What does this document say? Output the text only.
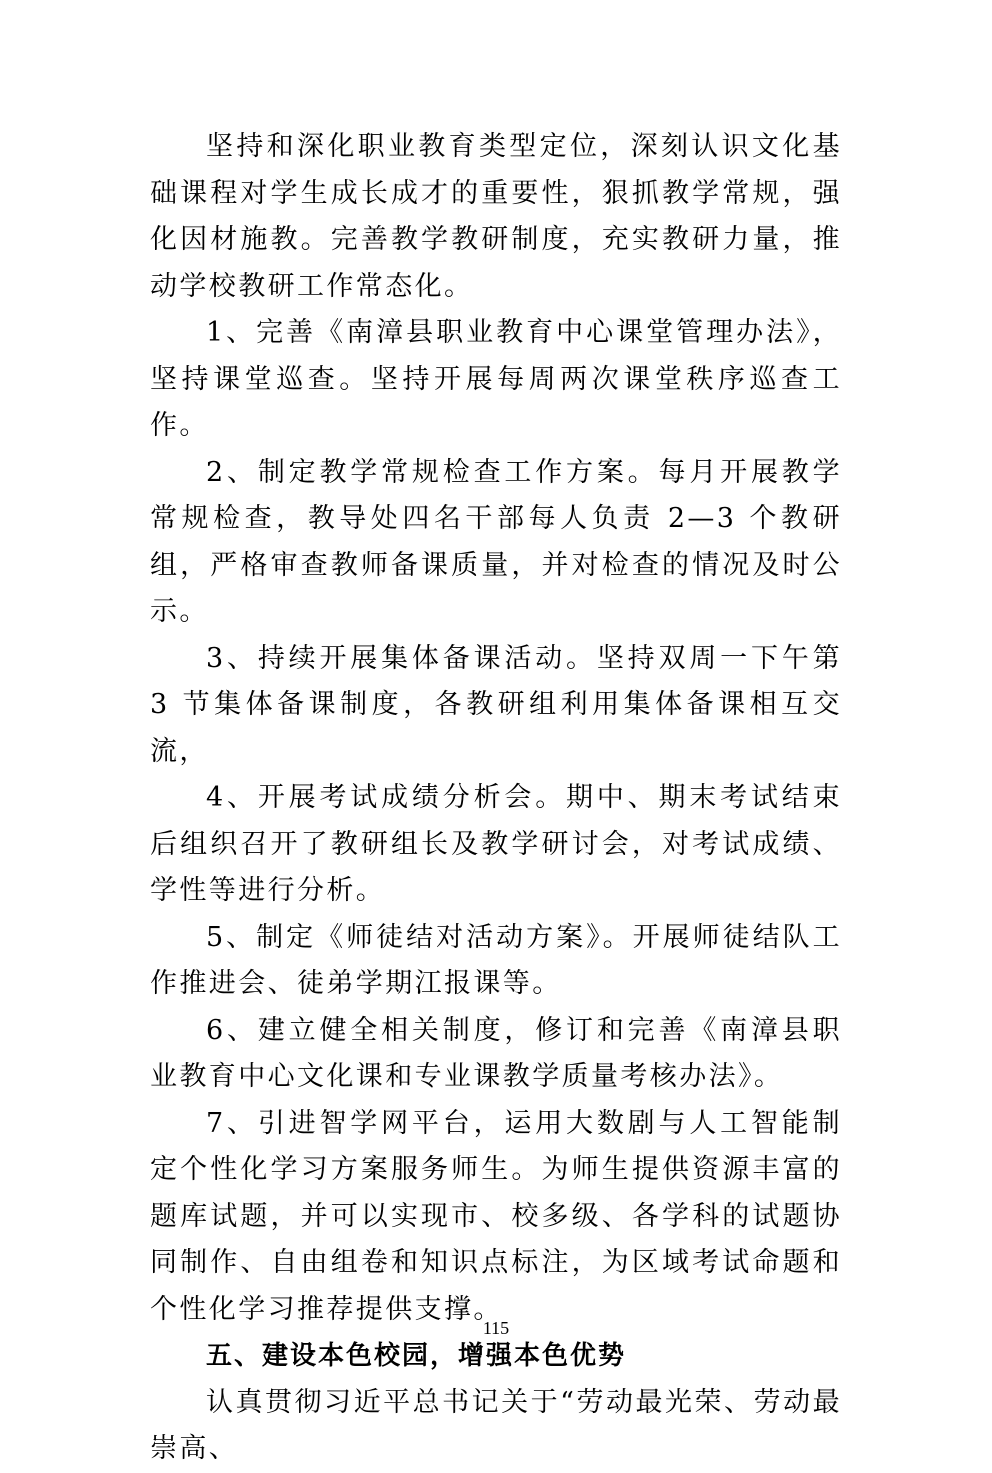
坚持和深化职业教育类型定位，深刻认识文化基础课程对学生成长成才的重要性，狠抓教学常规，强化因材施教。完善教学教研制度，充实教研力量，推动学校教研工作常态化。

1、完善《南漳县职业教育中心课堂管理办法》，坚持课堂巡查。坚持开展每周两次课堂秩序巡查工作。

2、制定教学常规检查工作方案。每月开展教学常规检查，教导处四名干部每人负责 2—3 个教研组，严格审查教师备课质量，并对检查的情况及时公示。

3、持续开展集体备课活动。坚持双周一下午第 3 节集体备课制度，各教研组利用集体备课相互交流，

4、开展考试成绩分析会。期中、期末考试结束后组织召开了教研组长及教学研讨会，对考试成绩、学性等进行分析。

5、制定《师徒结对活动方案》。开展师徒结队工作推进会、徒弟学期江报课等。

6、建立健全相关制度，修订和完善《南漳县职业教育中心文化课和专业课教学质量考核办法》。

7、引进智学网平台，运用大数剧与人工智能制定个性化学习方案服务师生。为师生提供资源丰富的题库试题，并可以实现市、校多级、各学科的试题协同制作、自由组卷和知识点标注，为区域考试命题和个性化学习推荐提供支撑。

五、建设本色校园，增强本色优势

认真贯彻习近平总书记关于“劳动最光荣、劳动最崇高、

115
